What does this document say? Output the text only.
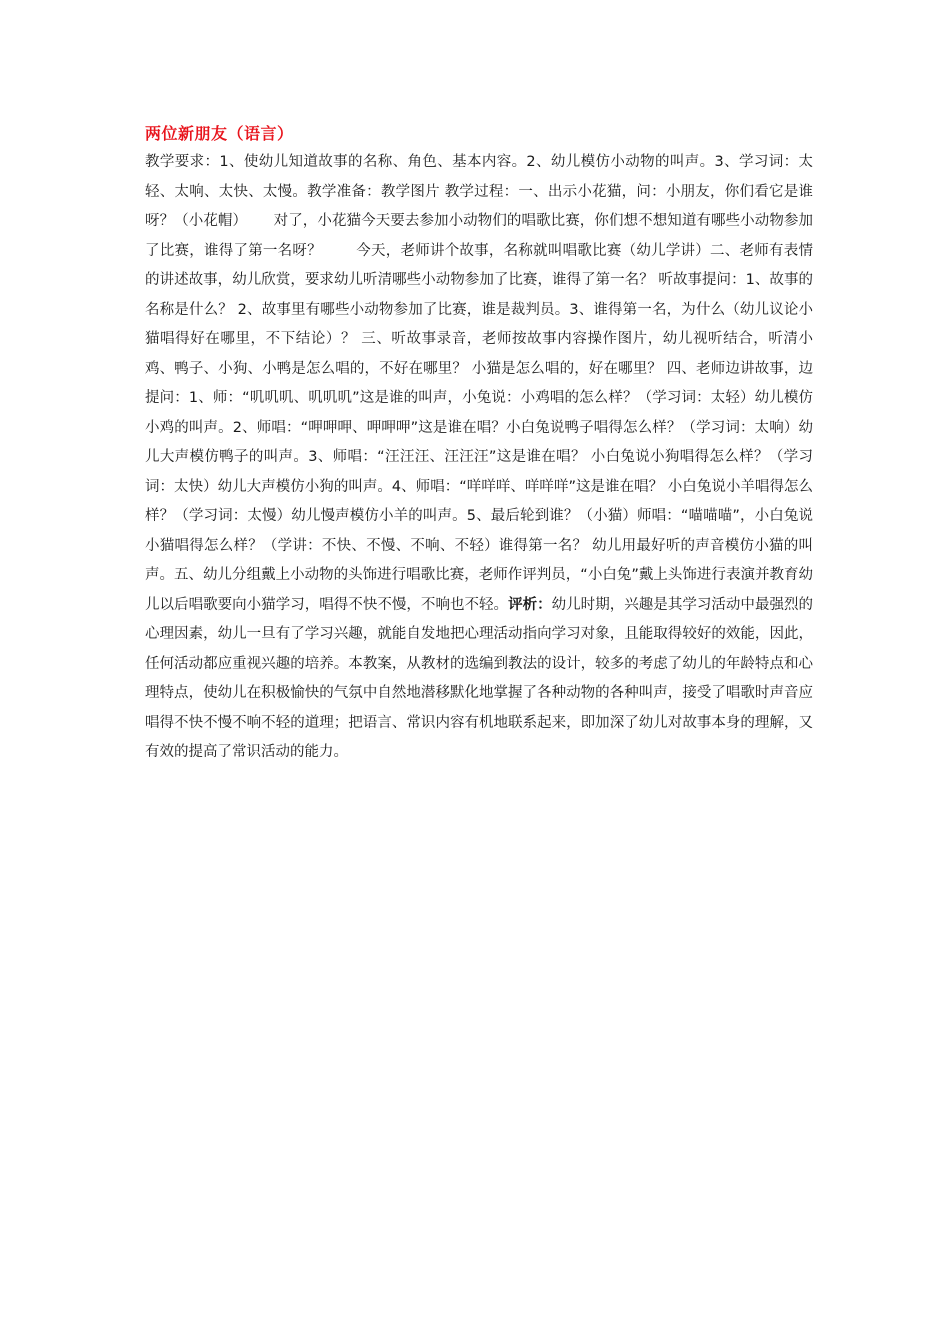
两位新朋友（语言）

教学要求：1、使幼儿知道故事的名称、角色、基本内容。2、幼儿模仿小动物的叫声。3、学习词：太轻、太响、太快、太慢。教学准备：教学图片 教学过程：一、出示小花猫，问：小朋友，你们看它是谁呀？（小花帽）　　 对了，小花猫今天要去参加小动物们的唱歌比赛，你们想不想知道有哪些小动物参加了比赛，谁得了第一名呀？　　 今天，老师讲个故事，名称就叫唱歌比赛（幼儿学讲）二、老师有表情的讲述故事，幼儿欣赏，要求幼儿听清哪些小动物参加了比赛，谁得了第一名？ 听故事提问：1、故事的名称是什么？ 2、故事里有哪些小动物参加了比赛，谁是裁判员。3、谁得第一名，为什么（幼儿议论小猫唱得好在哪里，不下结论）？ 三、听故事录音，老师按故事内容操作图片，幼儿视听结合，听清小鸡、鸭子、小狗、小鸭是怎么唱的，不好在哪里？ 小猫是怎么唱的，好在哪里？ 四、老师边讲故事，边提问：1、师：“叽叽叽、叽叽叽”这是谁的叫声，小兔说：小鸡唱的怎么样？（学习词：太轻）幼儿模仿小鸡的叫声。2、师唱：“呷呷呷、呷呷呷”这是谁在唱？小白兔说鸭子唱得怎么样？（学习词：太响）幼儿大声模仿鸭子的叫声。3、师唱：“汪汪汪、汪汪汪”这是谁在唱？ 小白兔说小狗唱得怎么样？（学习词：太快）幼儿大声模仿小狗的叫声。4、师唱：“咩咩咩、咩咩咩”这是谁在唱？ 小白兔说小羊唱得怎么样？（学习词：太慢）幼儿慢声模仿小羊的叫声。5、最后轮到谁？（小猫）师唱：“喵喵喵”，小白兔说小猫唱得怎么样？（学讲：不快、不慢、不响、不轻）谁得第一名？ 幼儿用最好听的声音模仿小猫的叫声。五、幼儿分组戴上小动物的头饰进行唱歌比赛，老师作评判员，“小白兔”戴上头饰进行表演并教育幼儿以后唱歌要向小猫学习，唱得不快不慢，不响也不轻。评析：幼儿时期，兴趣是其学习活动中最强烈的心理因素，幼儿一旦有了学习兴趣，就能自发地把心理活动指向学习对象，且能取得较好的效能，因此，任何活动都应重视兴趣的培养。本教案，从教材的选编到教法的设计，较多的考虑了幼儿的年龄特点和心理特点，使幼儿在积极愉快的气氛中自然地潜移默化地掌握了各种动物的各种叫声，接受了唱歌时声音应唱得不快不慢不响不轻的道理；把语言、常识内容有机地联系起来，即加深了幼儿对故事本身的理解，又有效的提高了常识活动的能力。
